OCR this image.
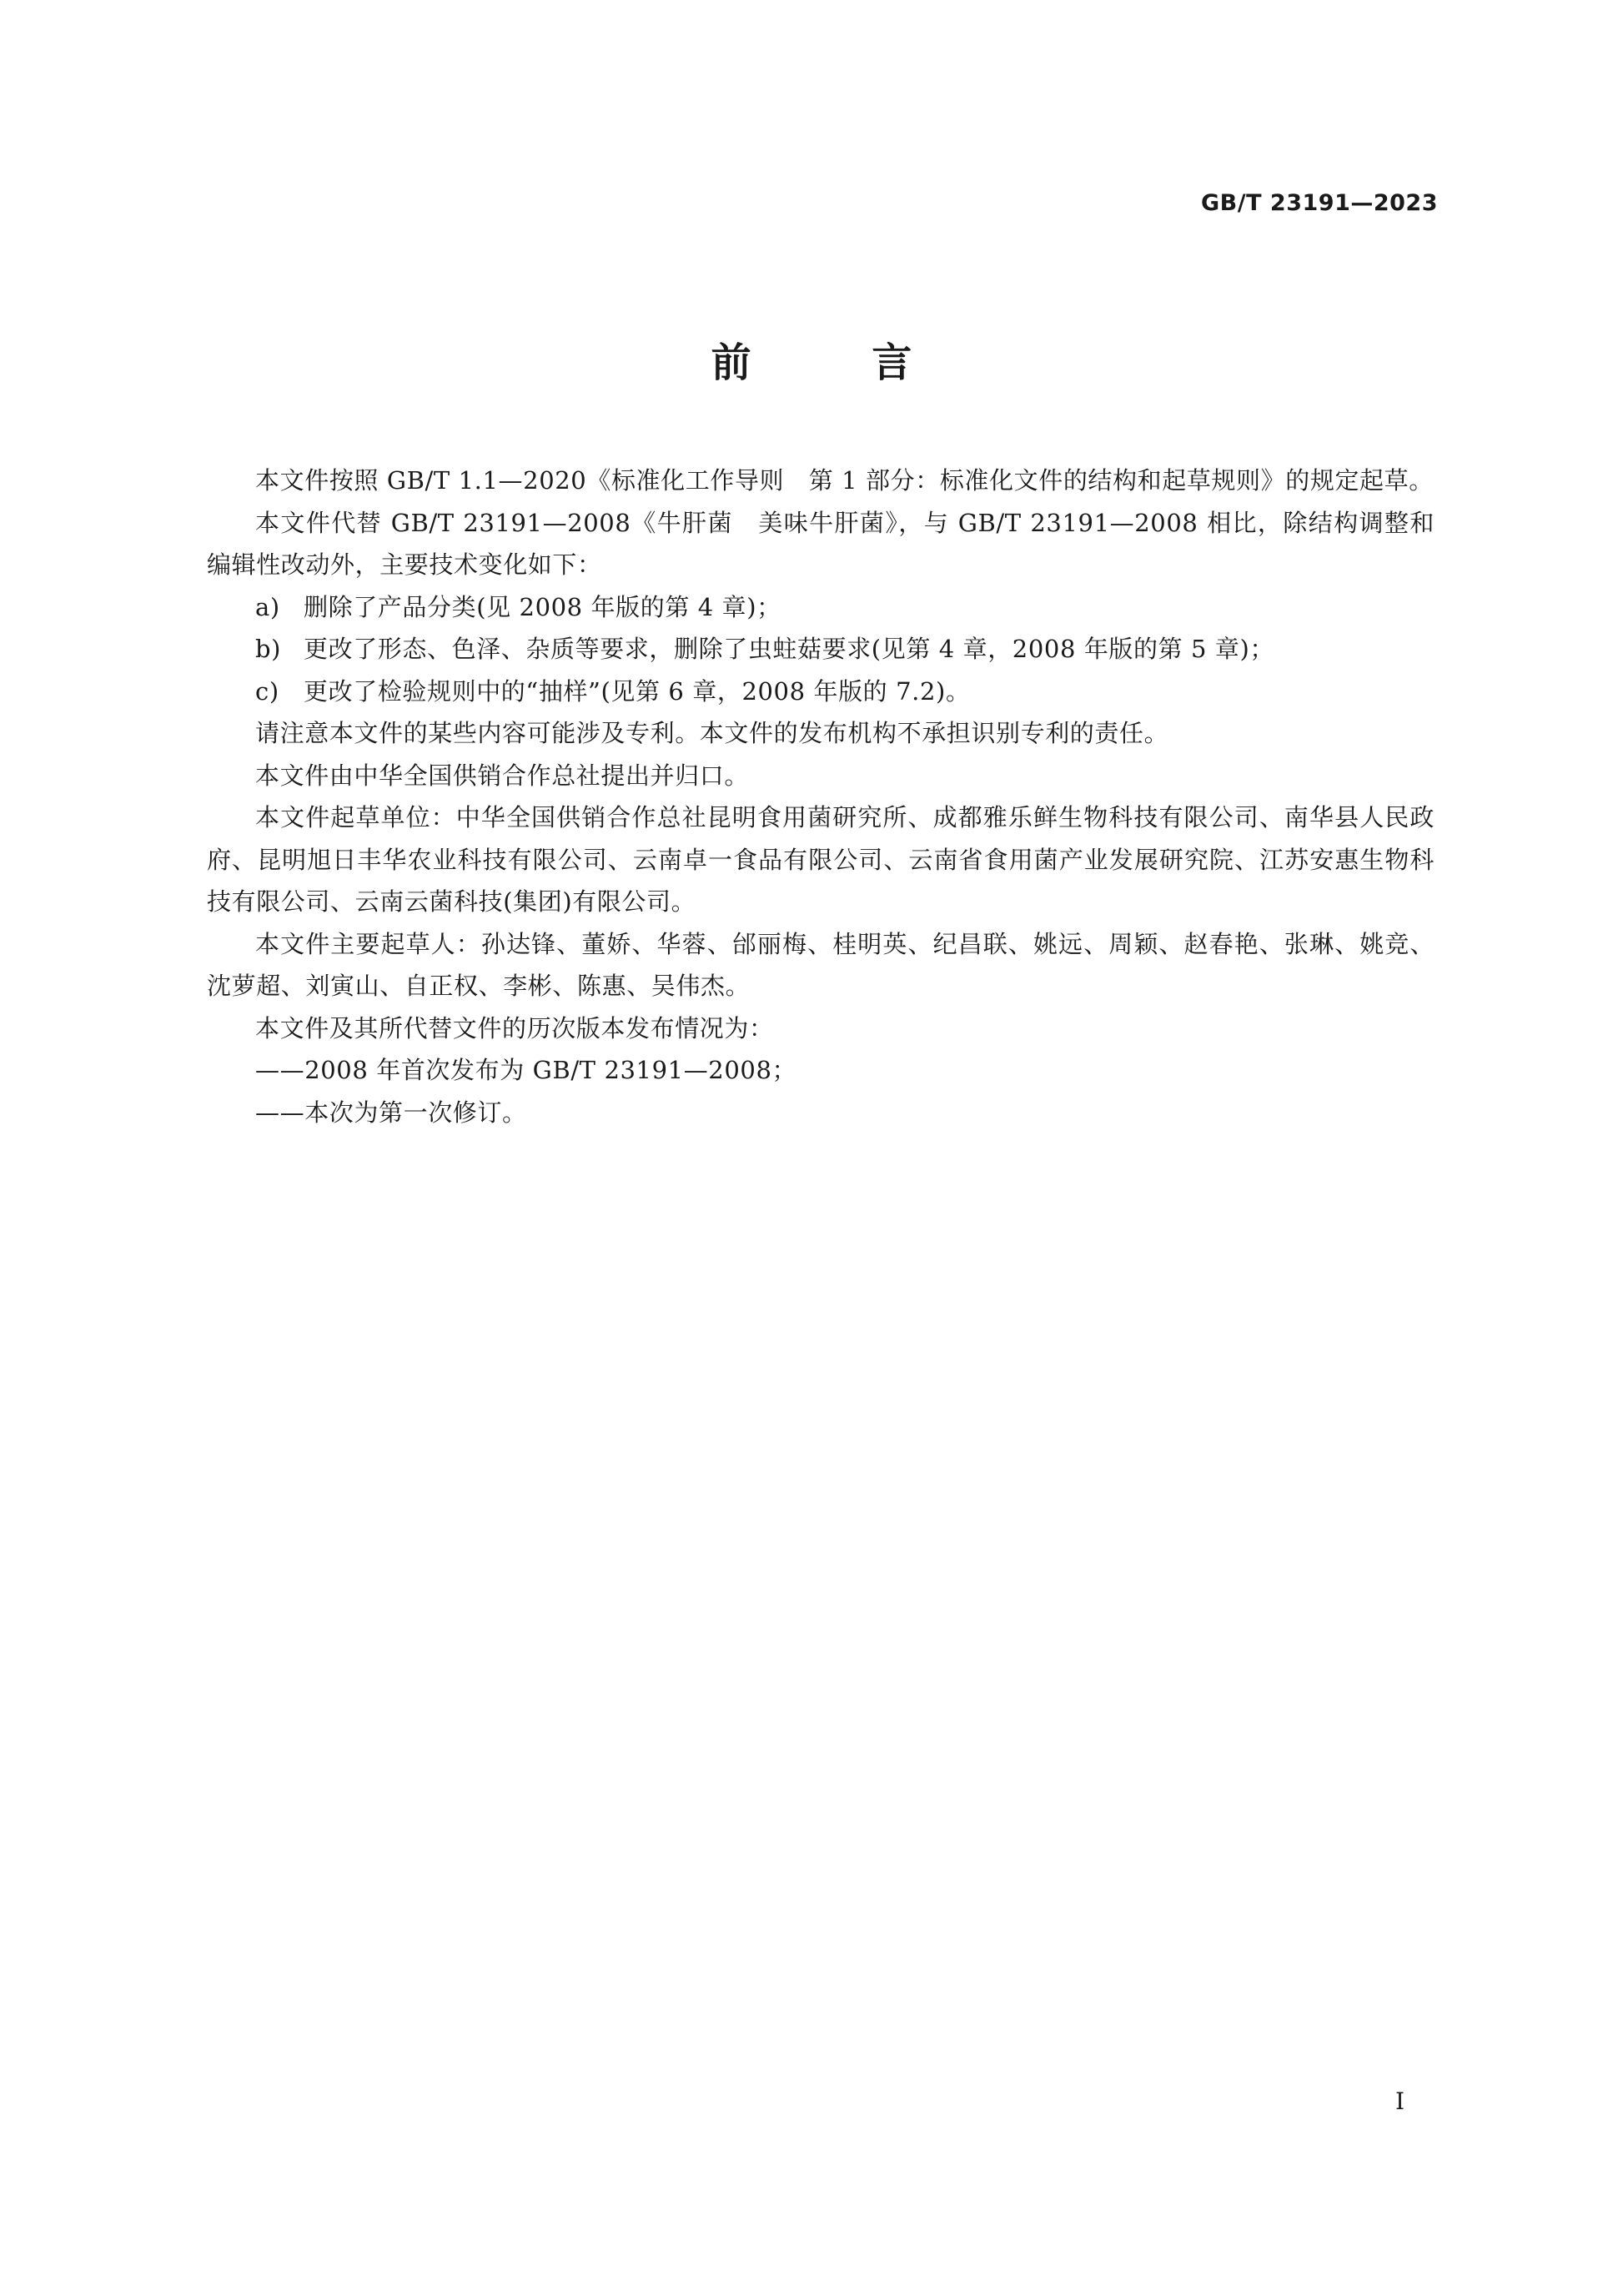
GB/T 23191—2023
前 言

本文件按照 GB/T 1.1—2020《标准化工作导则　第 1 部分：标准化文件的结构和起草规则》的规定起草。

本文件代替 GB/T 23191—2008《牛肝菌　美味牛肝菌》，与 GB/T 23191—2008 相比，除结构调整和编辑性改动外，主要技术变化如下：

a) 删除了产品分类(见 2008 年版的第 4 章)；

b) 更改了形态、色泽、杂质等要求，删除了虫蛀菇要求(见第 4 章，2008 年版的第 5 章)；

c) 更改了检验规则中的“抽样”(见第 6 章，2008 年版的 7.2)。

请注意本文件的某些内容可能涉及专利。本文件的发布机构不承担识别专利的责任。

本文件由中华全国供销合作总社提出并归口。

本文件起草单位：中华全国供销合作总社昆明食用菌研究所、成都雅乐鲜生物科技有限公司、南华县人民政府、昆明旭日丰华农业科技有限公司、云南卓一食品有限公司、云南省食用菌产业发展研究院、江苏安惠生物科技有限公司、云南云菌科技(集团)有限公司。

本文件主要起草人：孙达锋、董娇、华蓉、邰丽梅、桂明英、纪昌联、姚远、周颖、赵春艳、张琳、姚竞、沈萝超、刘寅山、自正权、李彬、陈惠、吴伟杰。

本文件及其所代替文件的历次版本发布情况为：

——2008 年首次发布为 GB/T 23191—2008；

——本次为第一次修订。

I
